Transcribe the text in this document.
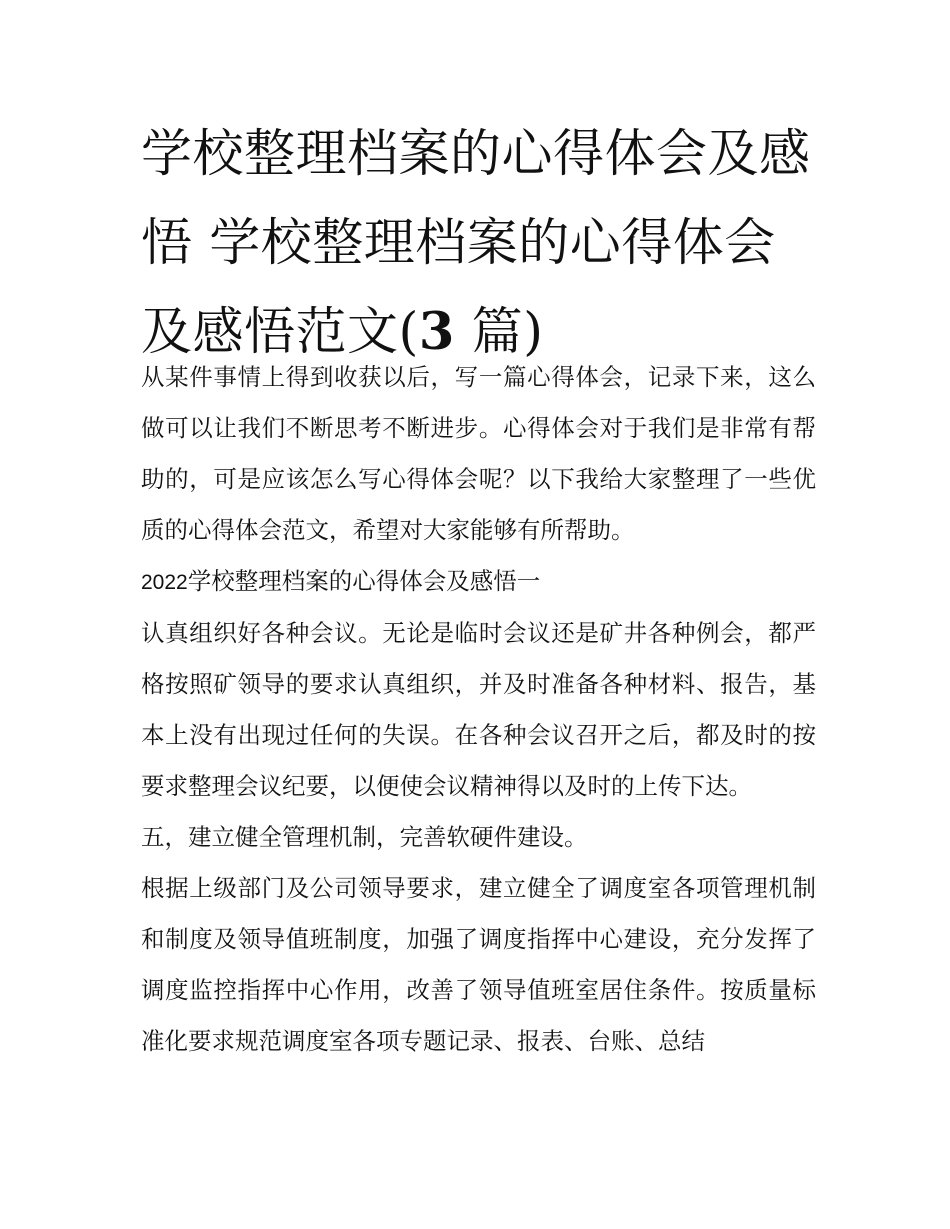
学校整理档案的心得体会及感悟 学校整理档案的心得体会及感悟范文(3 篇)

从某件事情上得到收获以后，写一篇心得体会，记录下来，这么做可以让我们不断思考不断进步。心得体会对于我们是非常有帮助的，可是应该怎么写心得体会呢？以下我给大家整理了一些优质的心得体会范文，希望对大家能够有所帮助。

2022学校整理档案的心得体会及感悟一

认真组织好各种会议。无论是临时会议还是矿井各种例会，都严格按照矿领导的要求认真组织，并及时准备各种材料、报告，基本上没有出现过任何的失误。在各种会议召开之后，都及时的按要求整理会议纪要，以便使会议精神得以及时的上传下达。

五，建立健全管理机制，完善软硬件建设。

根据上级部门及公司领导要求，建立健全了调度室各项管理机制和制度及领导值班制度，加强了调度指挥中心建设，充分发挥了调度监控指挥中心作用，改善了领导值班室居住条件。按质量标准化要求规范调度室各项专题记录、报表、台账、总结
